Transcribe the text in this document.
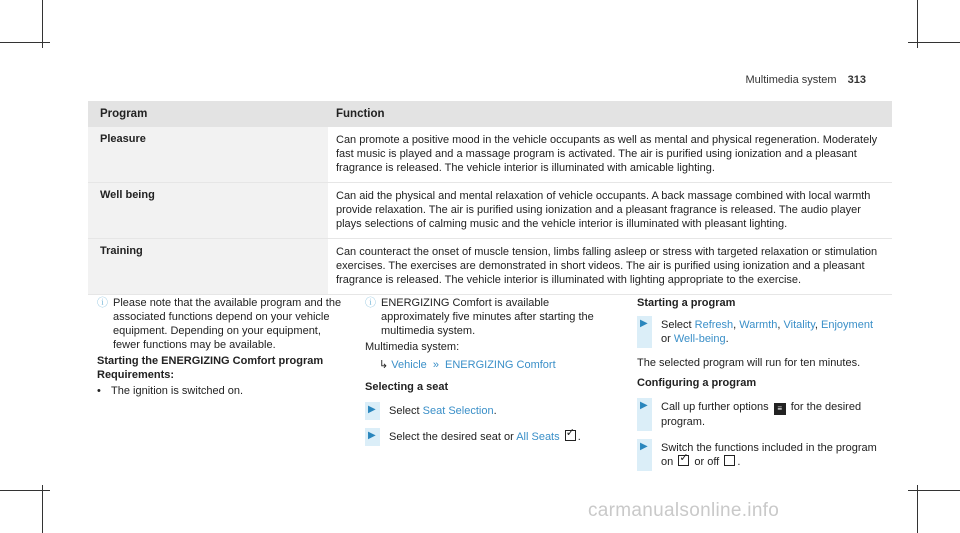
Multimedia system 313
Program	Function
Pleasure	Can promote a positive mood in the vehicle occupants as well as mental and physical regeneration. Moderately fast music is played and a massage program is activated. The air is purified using ionization and a pleasant fragrance is released. The vehicle interior is illuminated with amicable lighting.
Well being	Can aid the physical and mental relaxation of vehicle occupants. A back massage combined with local warmth provide relaxation. The air is purified using ionization and a pleasant fragrance is released. The audio player plays selections of calming music and the vehicle interior is illuminated with pleasant lighting.
Training	Can counteract the onset of muscle tension, limbs falling asleep or stress with targeted relaxation or stimulation exercises. The exercises are demonstrated in short videos. The air is purified using ionization and a pleasant fragrance is released. The vehicle interior is illuminated with lighting appropriate to the exercise.
ⓘ Please note that the available program and the associated functions depend on your vehicle equipment. Depending on your equipment, fewer functions may be available.

Starting the ENERGIZING Comfort program

Requirements:

• The ignition is switched on.
ⓘ ENERGIZING Comfort is available approximately five minutes after starting the multimedia system.

Multimedia system:

↳ Vehicle » ENERGIZING Comfort

Selecting a seat

▶ Select Seat Selection.
▶ Select the desired seat or All Seats ✓ .

Starting a program

▶ Select Refresh, Warmth, Vitality, Enjoyment
or Well-being.

The selected program will run for ten minutes.

Configuring a program

▶ Call up further options ≡ for the desired program.
▶ Switch the functions included in the program on ✓ or off .
carmanualsonline.info
